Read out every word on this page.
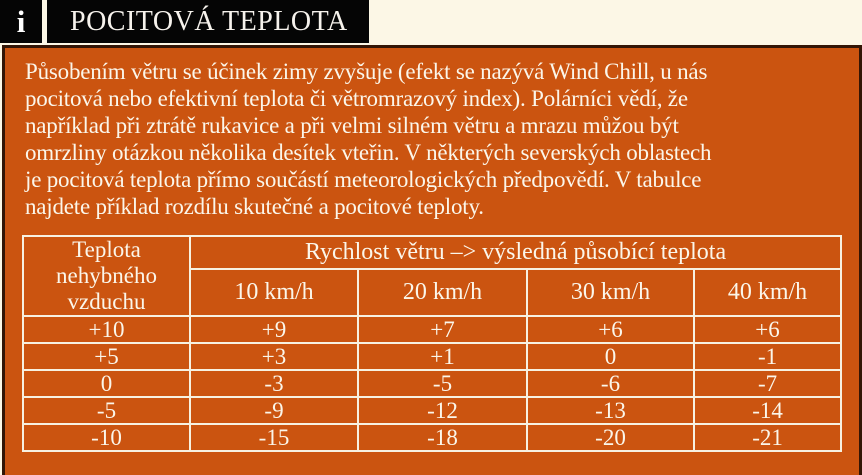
i POCITOVÁ TEPLOTA
Působením větru se účinek zimy zvyšuje (efekt se nazývá Wind Chill, u nás
pocitová nebo efektivní teplota či větromrazový index). Polárníci vědí, že
například při ztrátě rukavice a při velmi silném větru a mrazu můžou být
omrzliny otázkou několika desítek vteřin. V některých severských oblastech
je pocitová teplota přímo součástí meteorologických předpovědí. V tabulce
najdete příklad rozdílu skutečné a pocitové teploty.
Teplota nehybného vzduchu	Rychlost větru –> výsledná působící teplota			
	10 km/h	20 km/h	30 km/h	40 km/h
+10	+9	+7	+6	+6
+5	+3	+1	0	-1
0	-3	-5	-6	-7
-5	-9	-12	-13	-14
-10	-15	-18	-20	-21
